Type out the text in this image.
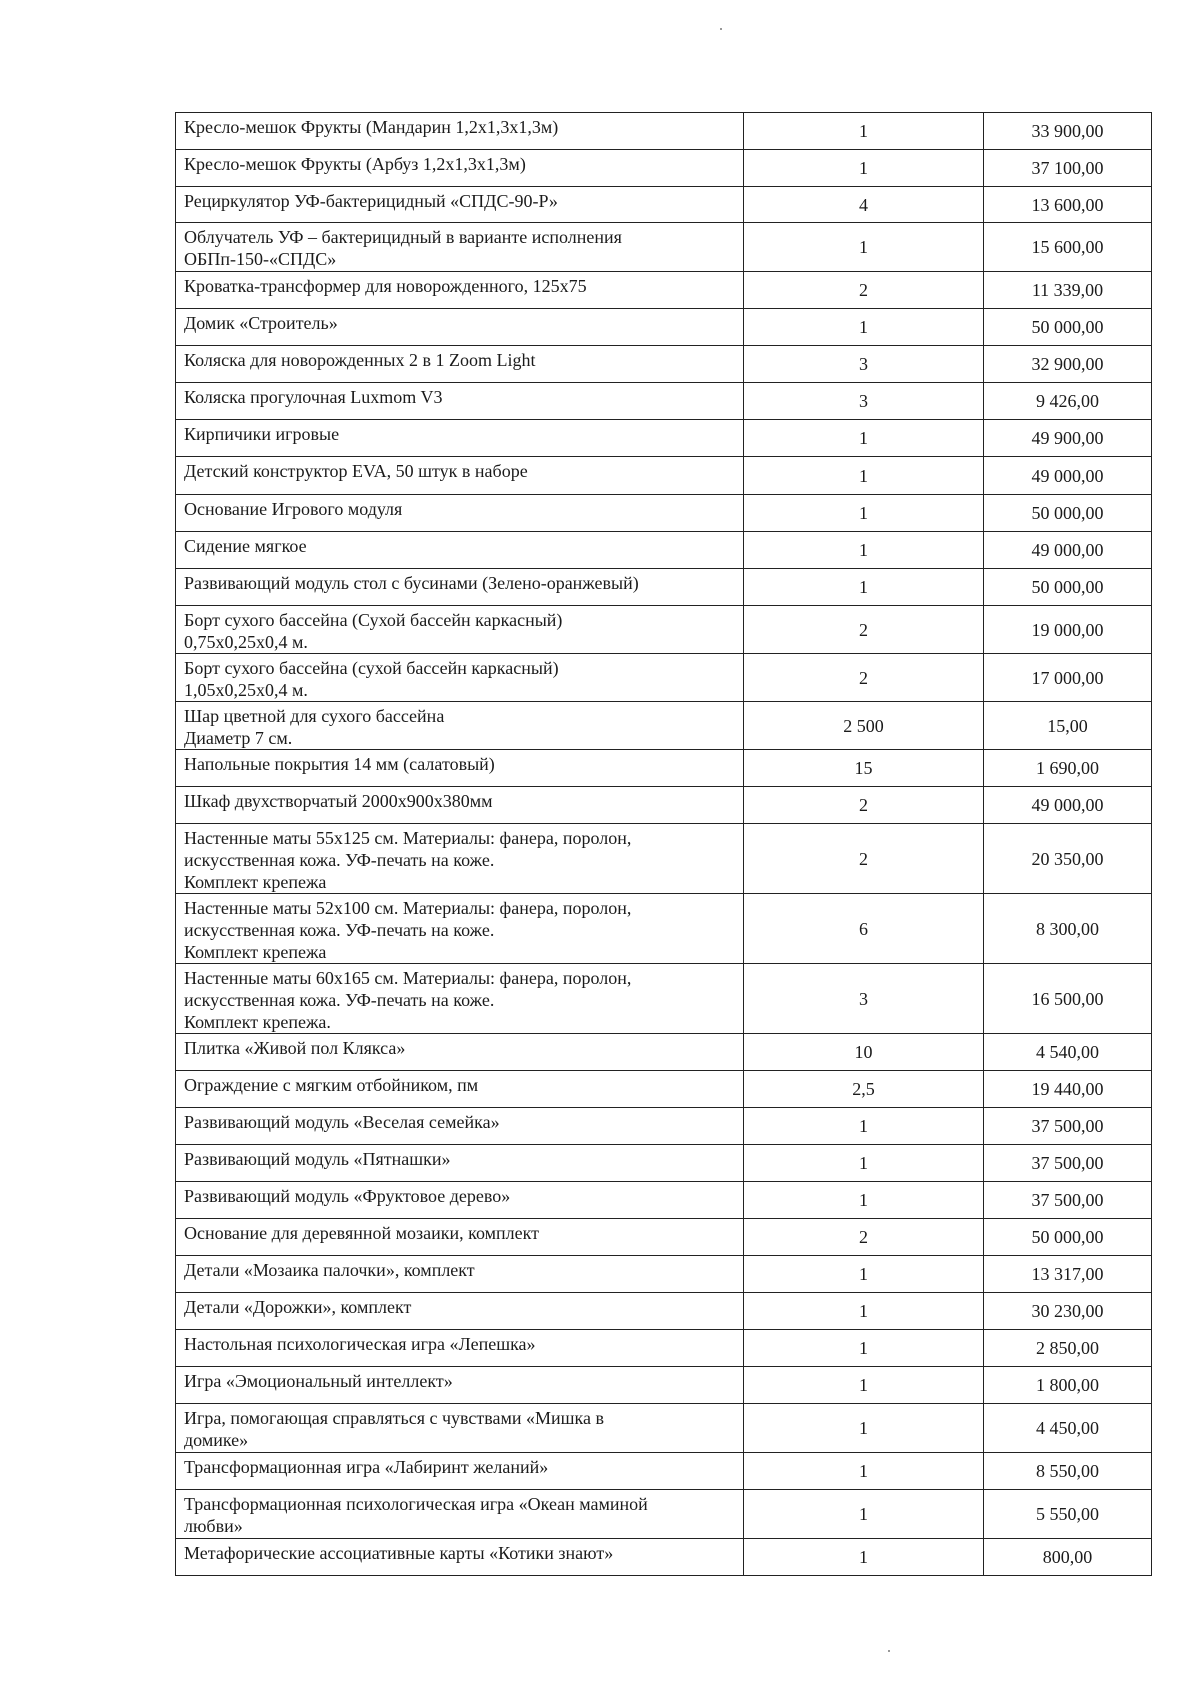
Кресло-мешок Фрукты (Мандарин 1,2х1,3х1,3м)	1	33 900,00
Кресло-мешок Фрукты (Арбуз 1,2х1,3х1,3м)	1	37 100,00
Рециркулятор УФ-бактерицидный «СПДС-90-Р»	4	13 600,00
Облучатель УФ – бактерицидный в варианте исполнения
ОБПп-150-«СПДС»	1	15 600,00
Кроватка-трансформер для новорожденного, 125х75	2	11 339,00
Домик «Строитель»	1	50 000,00
Коляска для новорожденных 2 в 1 Zoom Light	3	32 900,00
Коляска прогулочная Luxmom V3	3	9 426,00
Кирпичики игровые	1	49 900,00
Детский конструктор EVA, 50 штук в наборе	1	49 000,00
Основание Игрового модуля	1	50 000,00
Сидение мягкое	1	49 000,00
Развивающий модуль стол с бусинами (Зелено-оранжевый)	1	50 000,00
Борт сухого бассейна (Сухой бассейн каркасный)
0,75х0,25х0,4 м.	2	19 000,00
Борт сухого бассейна (сухой бассейн каркасный)
1,05х0,25х0,4 м.	2	17 000,00
Шар цветной для сухого бассейна
Диаметр 7 см.	2 500	15,00
Напольные покрытия 14 мм (салатовый)	15	1 690,00
Шкаф двухстворчатый 2000х900х380мм	2	49 000,00
Настенные маты 55х125 см. Материалы: фанера, поролон,
искусственная кожа. УФ-печать на коже.
Комплект крепежа	2	20 350,00
Настенные маты 52х100 см. Материалы: фанера, поролон,
искусственная кожа. УФ-печать на коже.
Комплект крепежа	6	8 300,00
Настенные маты 60х165 см. Материалы: фанера, поролон,
искусственная кожа. УФ-печать на коже.
Комплект крепежа.	3	16 500,00
Плитка «Живой пол Клякса»	10	4 540,00
Ограждение с мягким отбойником, пм	2,5	19 440,00
Развивающий модуль «Веселая семейка»	1	37 500,00
Развивающий модуль «Пятнашки»	1	37 500,00
Развивающий модуль «Фруктовое дерево»	1	37 500,00
Основание для деревянной мозаики, комплект	2	50 000,00
Детали «Мозаика палочки», комплект	1	13 317,00
Детали «Дорожки», комплект	1	30 230,00
Настольная психологическая игра «Лепешка»	1	2 850,00
Игра «Эмоциональный интеллект»	1	1 800,00
Игра, помогающая справляться с чувствами «Мишка в
домике»	1	4 450,00
Трансформационная игра «Лабиринт желаний»	1	8 550,00
Трансформационная психологическая игра «Океан маминой
любви»	1	5 550,00
Метафорические ассоциативные карты «Котики знают»	1	800,00
